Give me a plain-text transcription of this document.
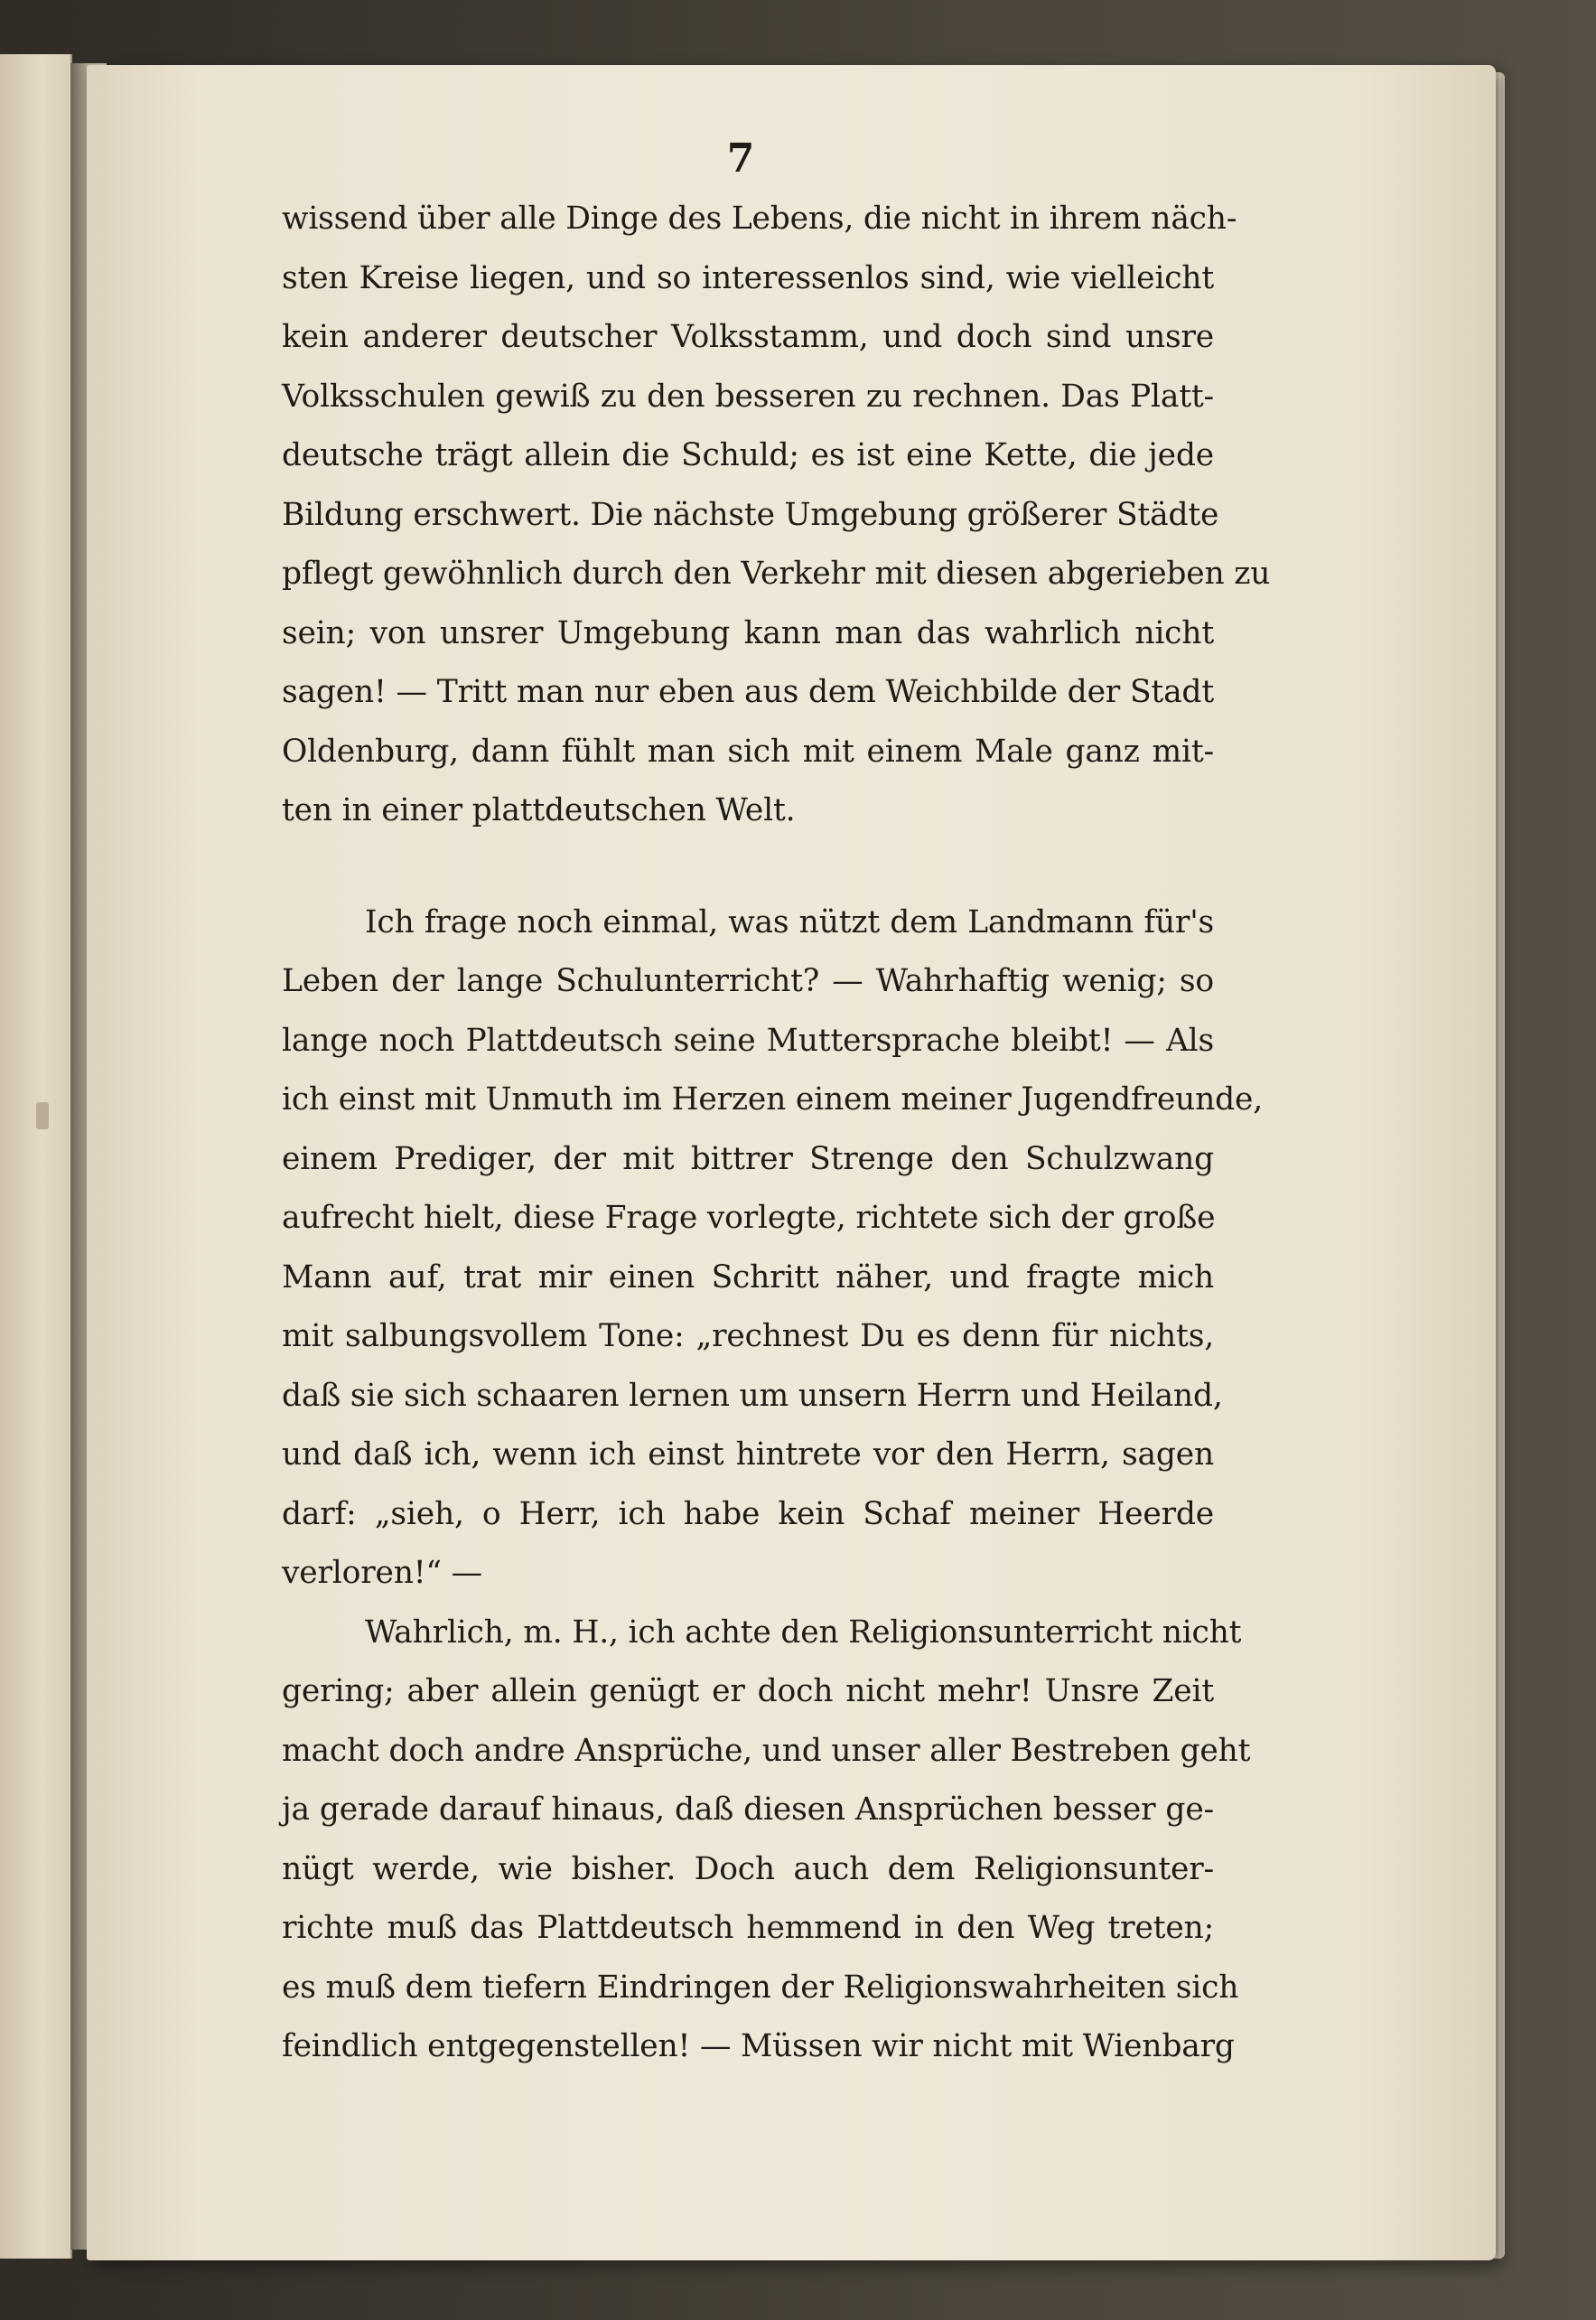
7
wissend über alle Dinge des Lebens, die nicht in ihrem näch-
sten Kreise liegen, und so interessenlos sind, wie vielleicht
kein anderer deutscher Volksstamm, und doch sind unsre
Volksschulen gewiß zu den besseren zu rechnen. Das Platt-
deutsche trägt allein die Schuld; es ist eine Kette, die jede
Bildung erschwert. Die nächste Umgebung größerer Städte
pflegt gewöhnlich durch den Verkehr mit diesen abgerieben zu
sein; von unsrer Umgebung kann man das wahrlich nicht
sagen! — Tritt man nur eben aus dem Weichbilde der Stadt
Oldenburg, dann fühlt man sich mit einem Male ganz mit-
ten in einer plattdeutschen Welt.
Ich frage noch einmal, was nützt dem Landmann für's
Leben der lange Schulunterricht? — Wahrhaftig wenig; so
lange noch Plattdeutsch seine Muttersprache bleibt! — Als
ich einst mit Unmuth im Herzen einem meiner Jugendfreunde,
einem Prediger, der mit bittrer Strenge den Schulzwang
aufrecht hielt, diese Frage vorlegte, richtete sich der große
Mann auf, trat mir einen Schritt näher, und fragte mich
mit salbungsvollem Tone: „rechnest Du es denn für nichts,
daß sie sich schaaren lernen um unsern Herrn und Heiland,
und daß ich, wenn ich einst hintrete vor den Herrn, sagen
darf: „sieh, o Herr, ich habe kein Schaf meiner Heerde
verloren!“ —
Wahrlich, m. H., ich achte den Religionsunterricht nicht
gering; aber allein genügt er doch nicht mehr! Unsre Zeit
macht doch andre Ansprüche, und unser aller Bestreben geht
ja gerade darauf hinaus, daß diesen Ansprüchen besser ge-
nügt werde, wie bisher. Doch auch dem Religionsunter-
richte muß das Plattdeutsch hemmend in den Weg treten;
es muß dem tiefern Eindringen der Religionswahrheiten sich
feindlich entgegenstellen! — Müssen wir nicht mit Wienbarg
